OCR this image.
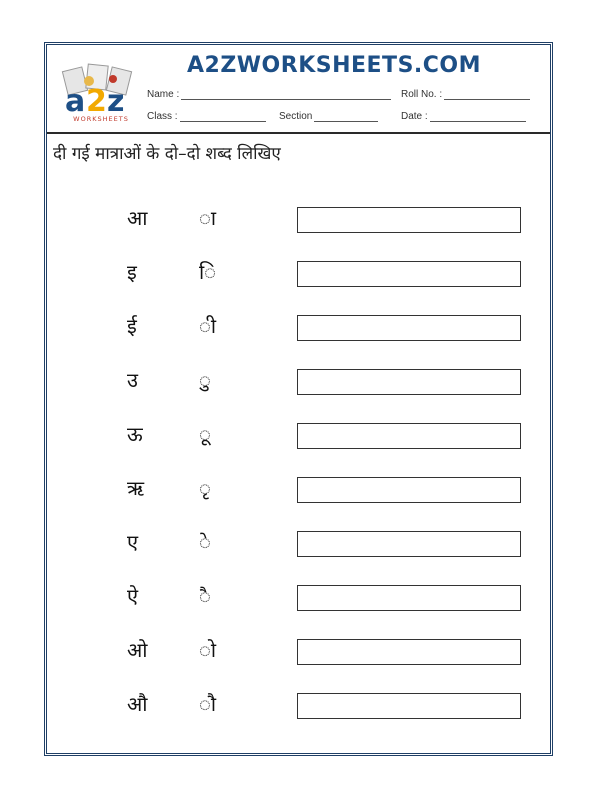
a 2 z
WORKSHEETS
A2ZWORKSHEETS.COM
Name :	Roll No. :
Class :	Section	Date :
दी गई मात्राओं के दो–दो शब्द लिखिए
आ	ा
इ	ि
ई	ी
उ	ु
ऊ	ू
ऋ	ृ
ए	े
ऐ	ै
ओ	ो
औ	ौ
